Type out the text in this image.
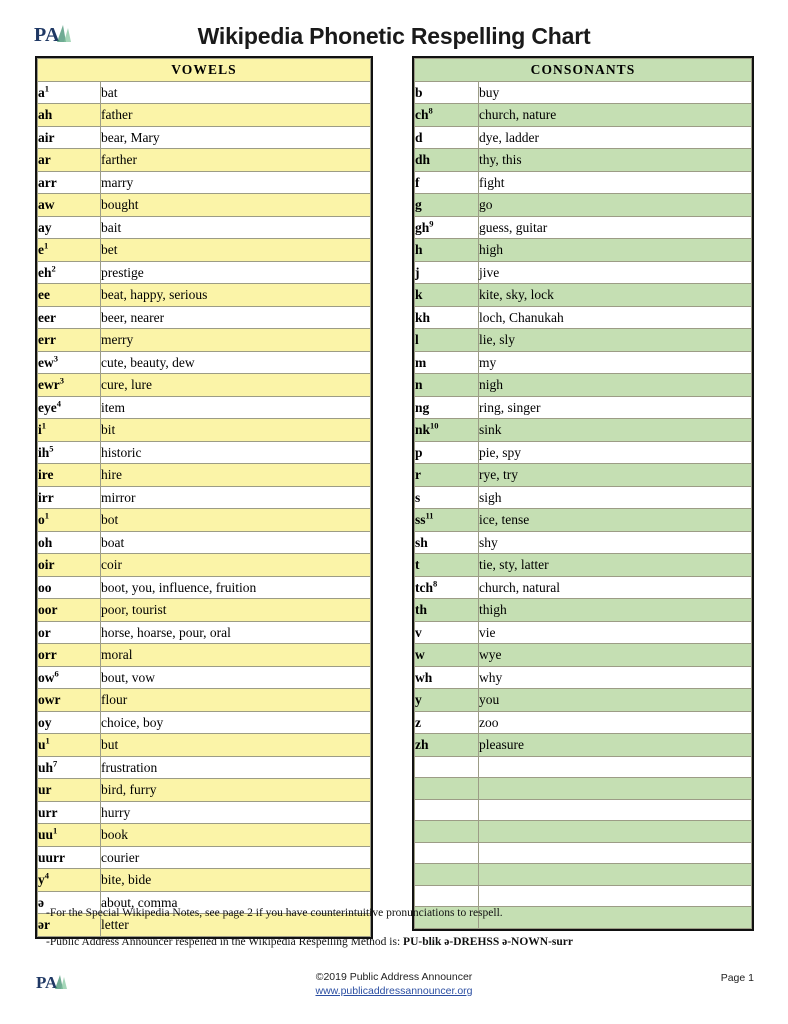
P
A	Wikipedia Phonetic Respelling Chart
VOWELS	
$a^1$	bat
ah	father
air	bear, Mary
ar	farther
arr	marry
aw	bought
ay	bait
$e^1$	bet
$eh^2$	prestige
ee	beat, happy, serious
eer	beer, nearer
err	merry
$ew^3$	cute, beauty, dew
ewr$^3$	cure, lure
eye$^4$	item
$i^1$	bit
$ih^5$	historic
ire	hire
irr	mirror
$o^1$	bot
oh	boat
oir	coir
oo	boot, you, influence, fruition
oor	poor, tourist
or	horse, hoarse, pour, oral
orr	moral
$ow^6$	bout, vow
owr	flour
oy	choice, boy
$u^1$	but
$uh^7$	frustration
ur	bird, furry
urr	hurry
$uu^1$	book
uurr	courier
$y^4$	bite, bide
ə	about, comma
ər	letter
CONSONANTS	
b	buy
$ch^8$	church, nature
d	dye, ladder
dh	thy, this
f	fight
g	go
$gh^9$	guess, guitar
h	high
j	jive
k	kite, sky, lock
kh	loch, Chanukah
l	lie, sly
m	my
n	nigh
ng	ring, singer
$nk^{10}$	sink
p	pie, spy
r	rye, try
s	sigh
$ss^{11}$	ice, tense
sh	shy
t	tie, sty, latter
tch$^8$	church, natural
th	thigh
v	vie
w	wye
wh	why
y	you
z	zoo
zh	pleasure

-For the Special Wikipedia Notes, see page 2 if you have counterintuitive pronunciations to respell.
-Public Address Announcer respelled in the Wikipedia Respelling Method is: PU-blik ə-DREHSS ə-NOWN-surr
P
A	©2019 Public Address Announcer
www.publicaddressannouncer.org
Page 1
